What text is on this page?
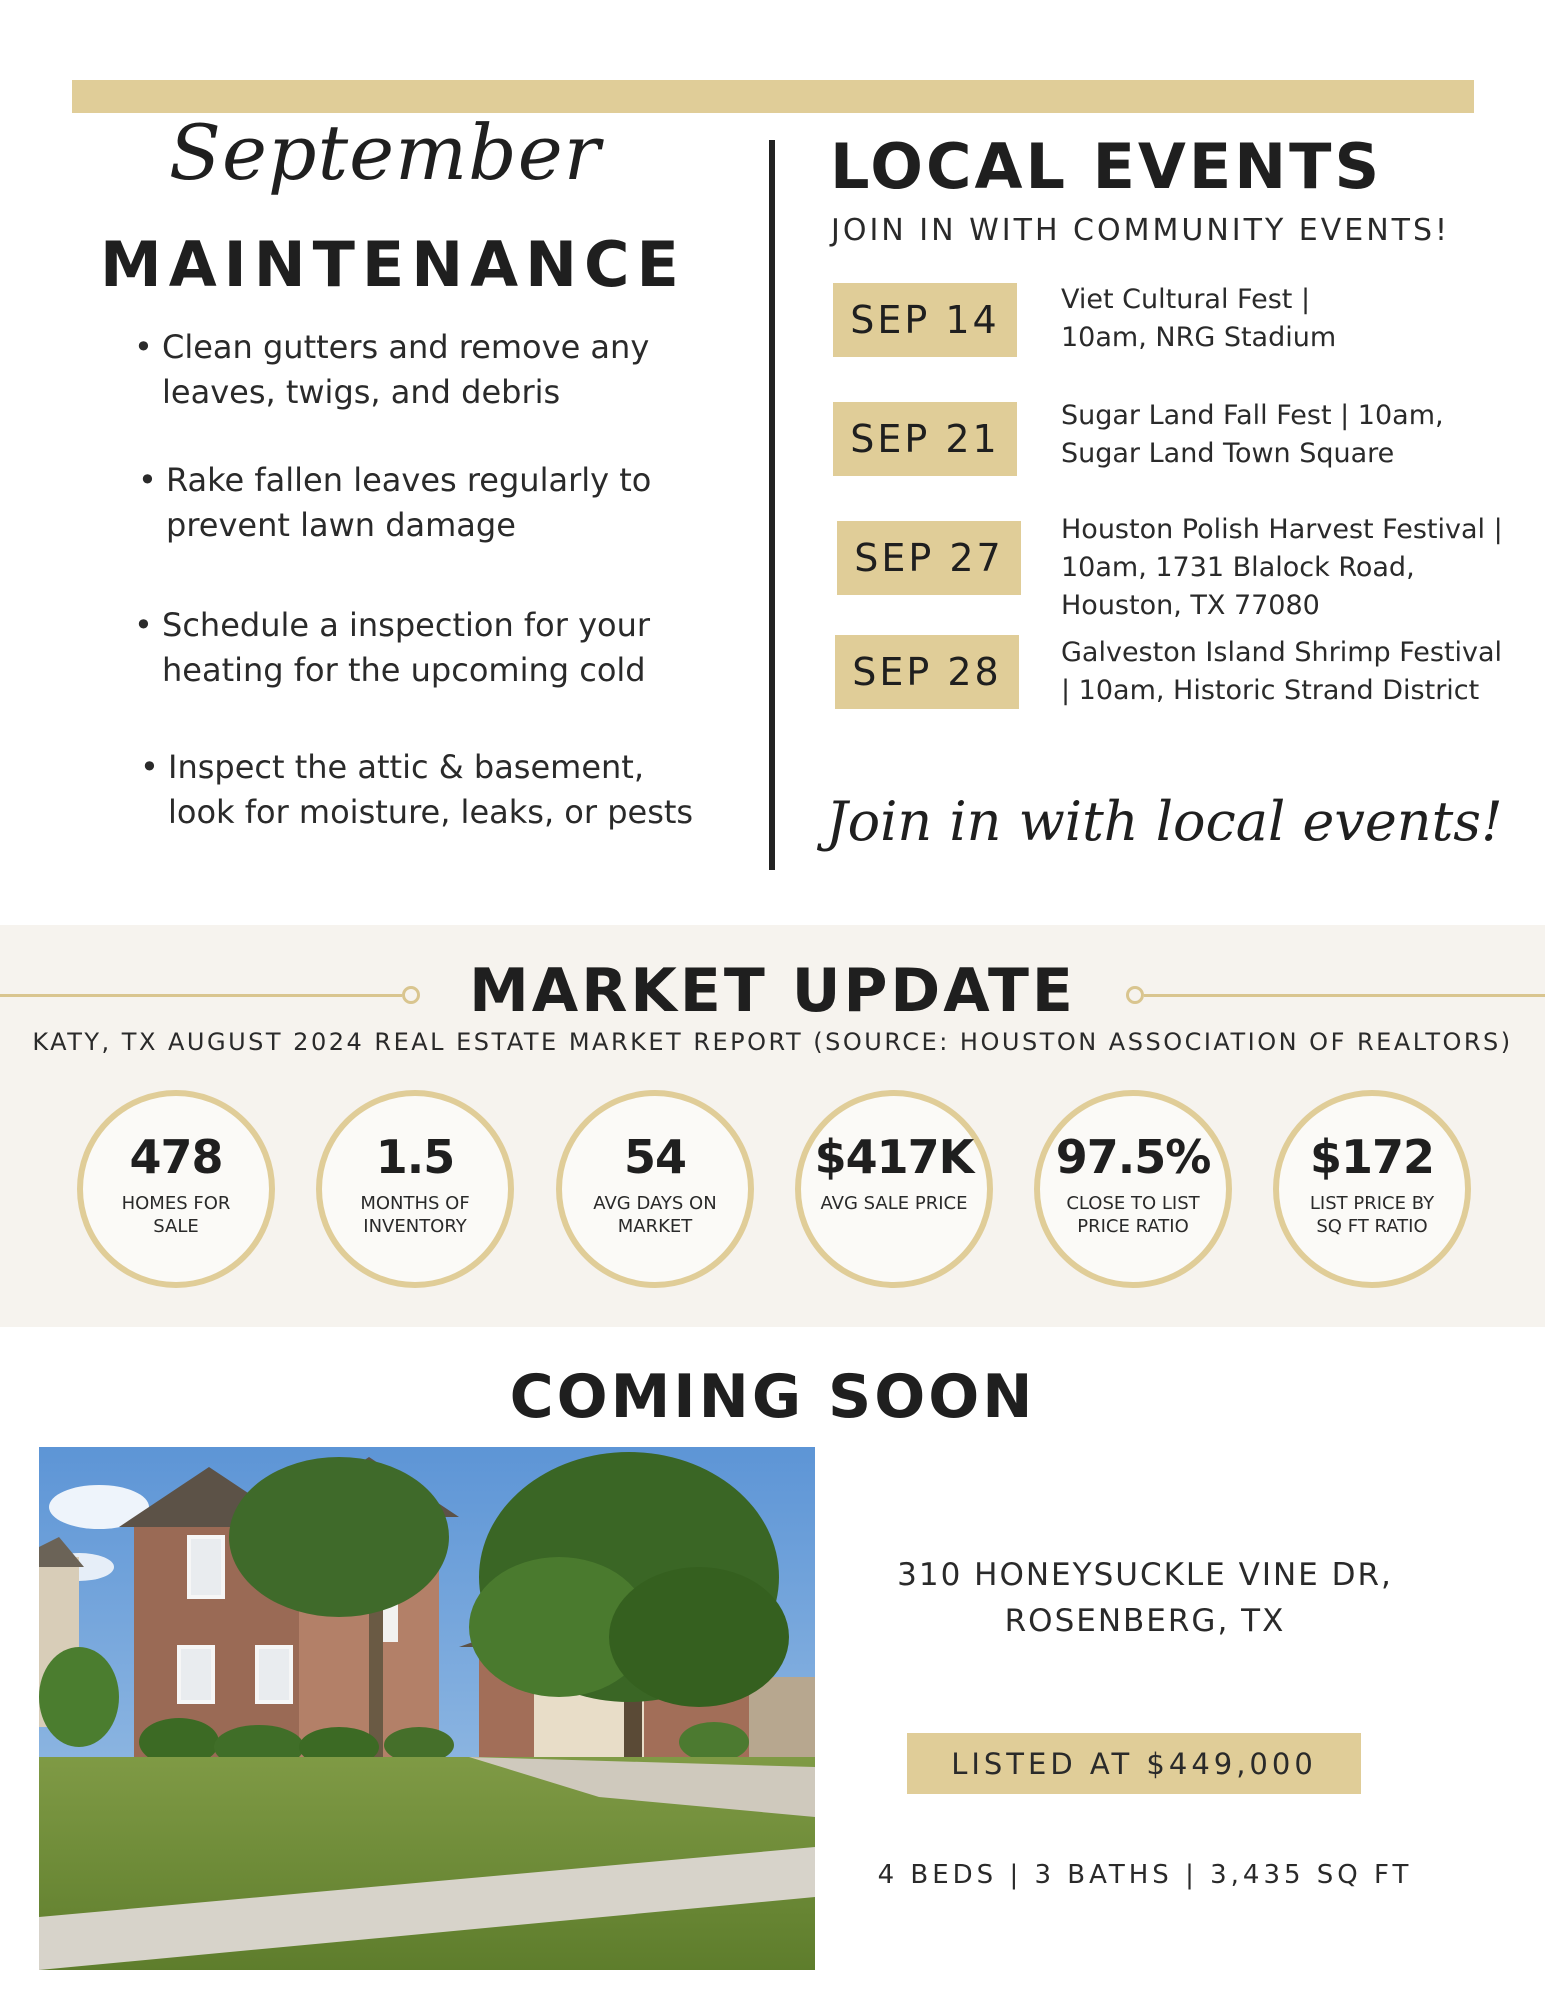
September
MAINTENANCE
• Clean gutters and remove any leaves, twigs, and debris
• Rake fallen leaves regularly to prevent lawn damage
• Schedule a inspection for your heating for the upcoming cold
• Inspect the attic & basement, look for moisture, leaks, or pests
LOCAL EVENTS
JOIN IN WITH COMMUNITY EVENTS!
SEP 14	Viet Cultural Fest |
10am, NRG Stadium
SEP 21
Sugar Land Fall Fest | 10am,
Sugar Land Town Square
SEP 27
Houston Polish Harvest Festival |
10am, 1731 Blalock Road,
Houston, TX 77080
SEP 28	Galveston Island Shrimp Festival
| 10am, Historic Strand District
Join in with local events!
MARKET UPDATE
KATY, TX AUGUST 2024 REAL ESTATE MARKET REPORT (SOURCE: HOUSTON ASSOCIATION OF REALTORS)
478
HOMES FOR SALE
1.5
MONTHS OF INVENTORY
54
AVG DAYS ON MARKET
$417K
AVG SALE PRICE
97.5%
CLOSE TO LIST PRICE RATIO
$172
LIST PRICE BY SQ FT RATIO
COMING SOON
310 HONEYSUCKLE VINE DR,
ROSENBERG, TX
LISTED AT $449,000
4 BEDS | 3 BATHS | 3,435 SQ FT
